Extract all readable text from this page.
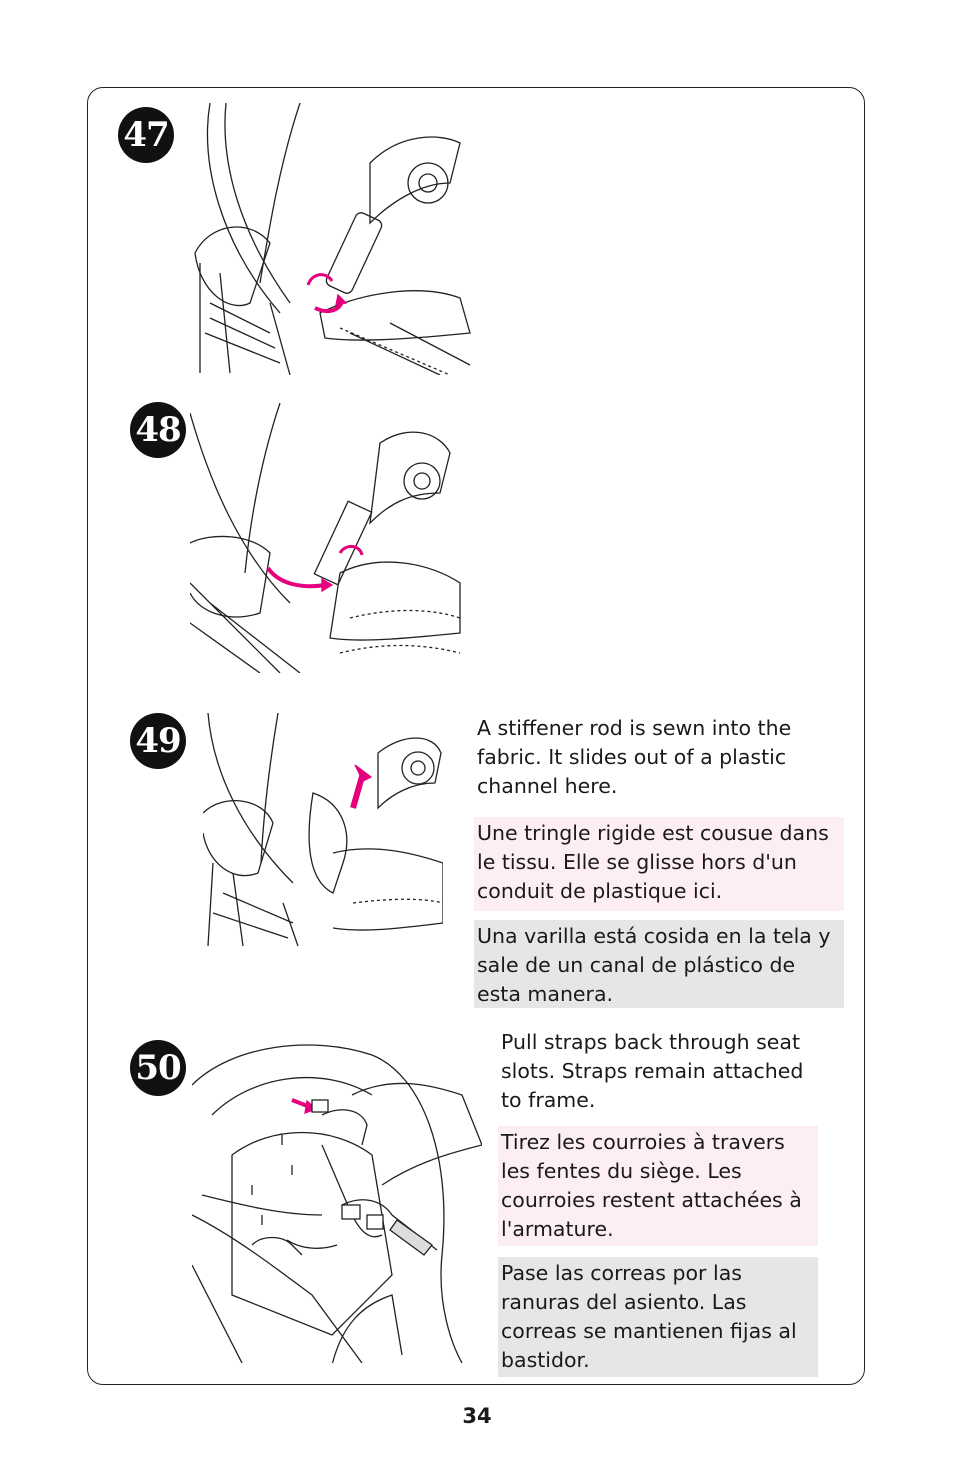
47
48
49	A stiffener rod is sewn into the fabric. It slides out of a plastic channel here.
Une tringle rigide est cousue dans le tissu. Elle se glisse hors d'un conduit de plastique ici.
Una varilla está cosida en la tela y sale de un canal de plástico de esta manera.
50
Pull straps back through seat slots. Straps remain attached to frame.
Tirez les courroies à travers les fentes du siège. Les courroies restent attachées à l'armature.
Pase las correas por las ranuras del asiento. Las correas se mantienen fijas al bastidor.
34
